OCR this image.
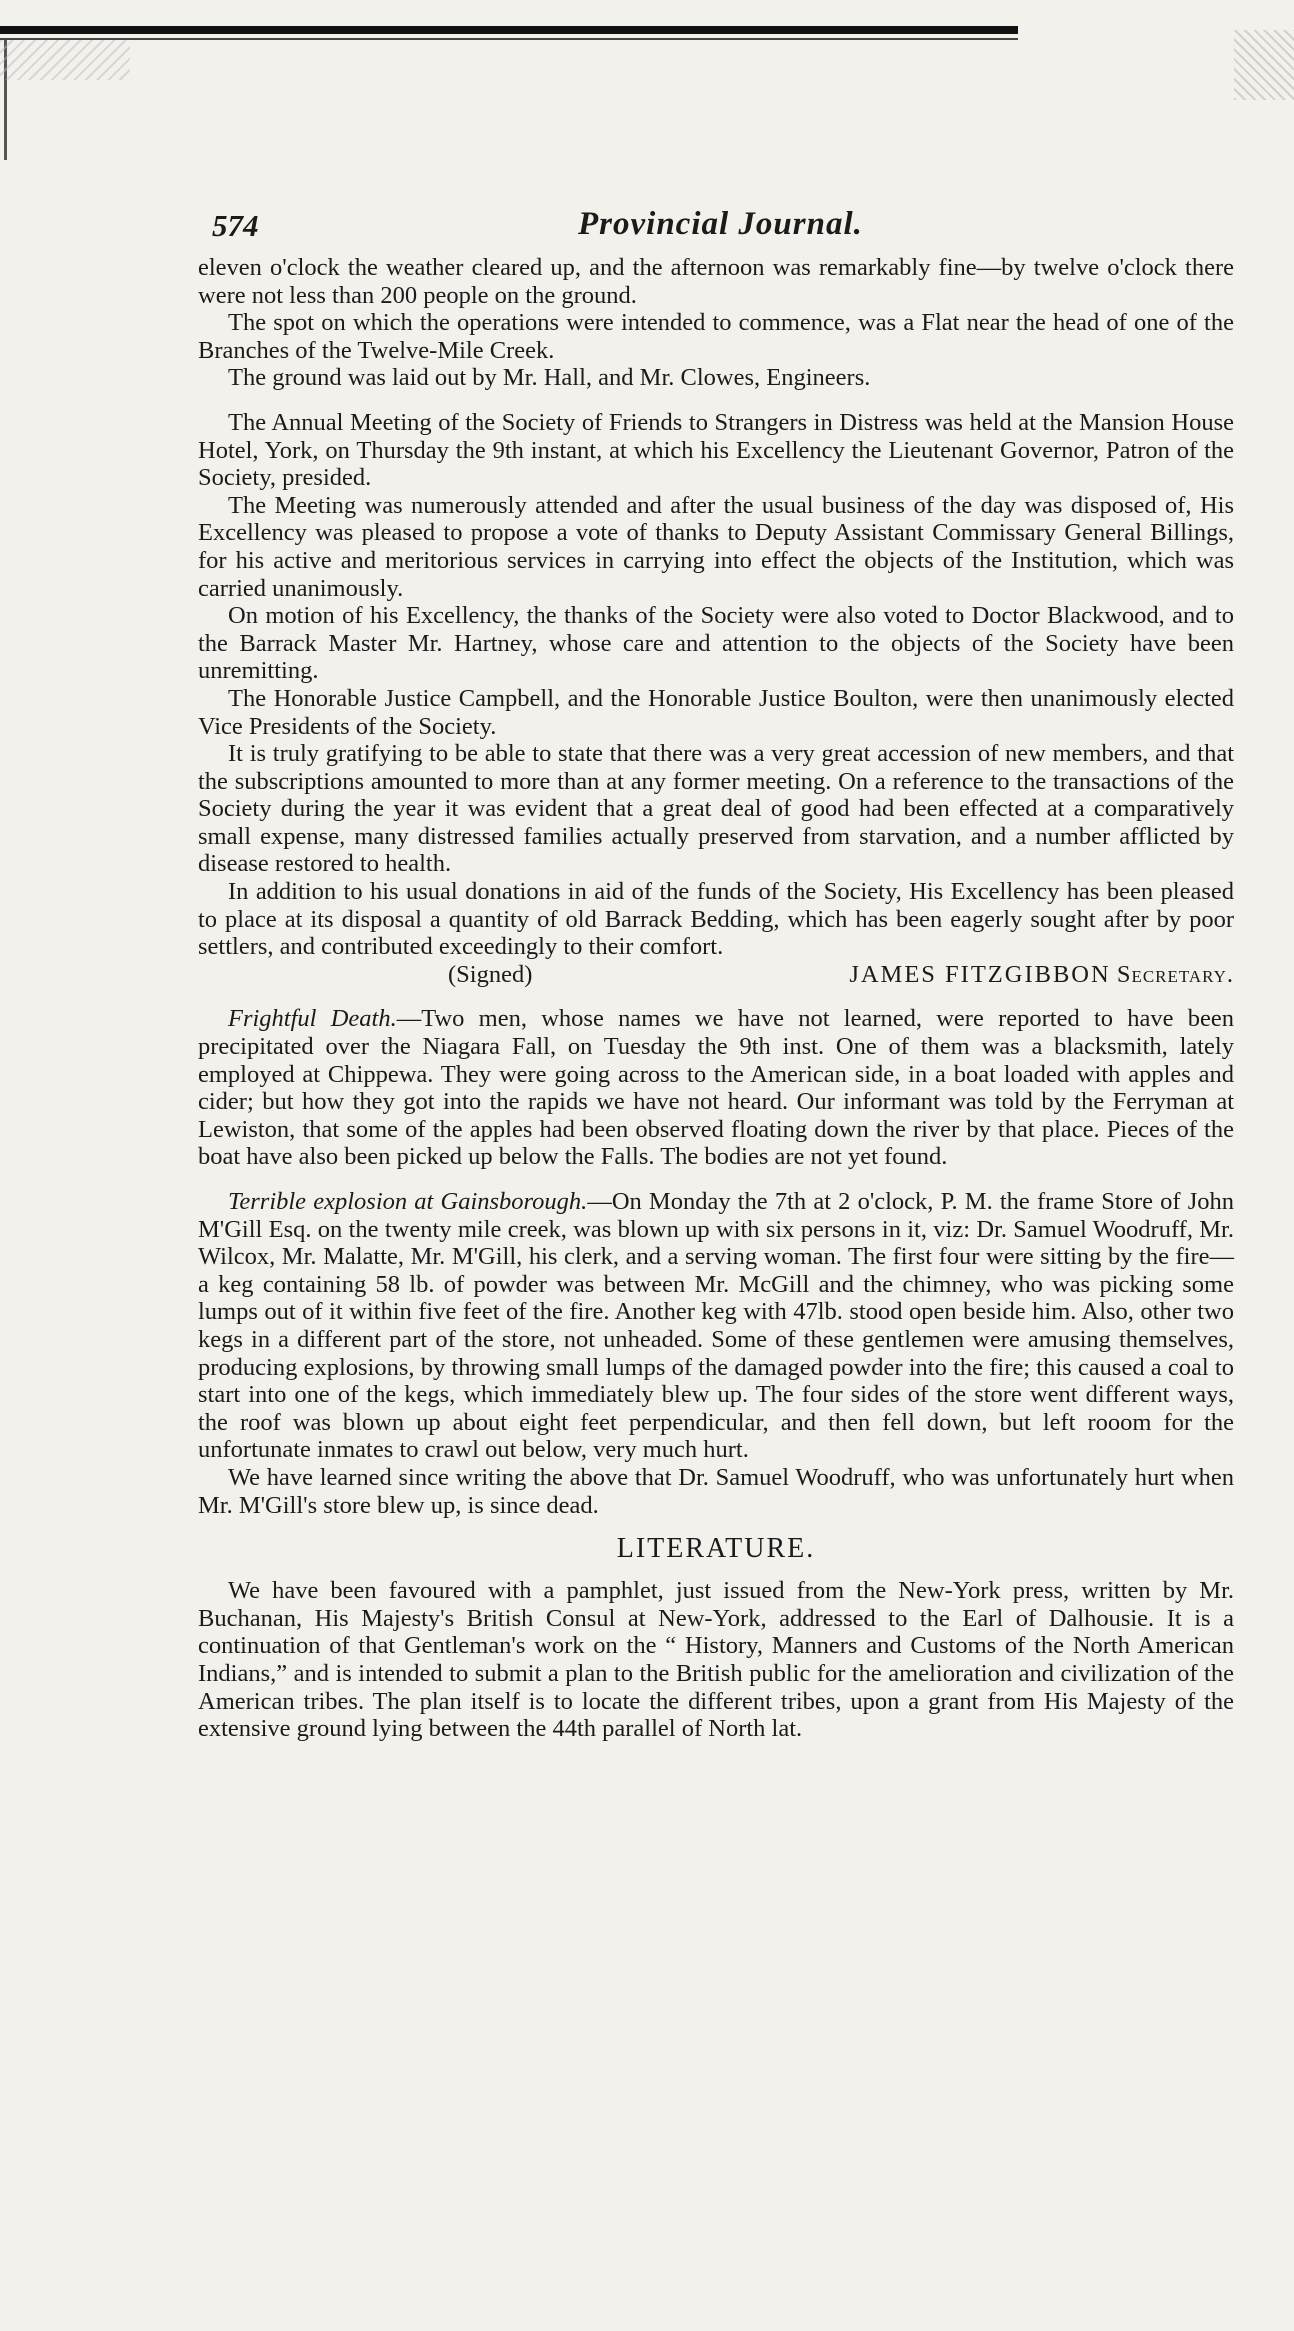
574	Provincial Journal.

eleven o'clock the weather cleared up, and the afternoon was remarkably fine—by twelve o'clock there were not less than 200 people on the ground.

The spot on which the operations were intended to commence, was a Flat near the head of one of the Branches of the Twelve-Mile Creek.

The ground was laid out by Mr. Hall, and Mr. Clowes, Engineers.

The Annual Meeting of the Society of Friends to Strangers in Distress was held at the Mansion House Hotel, York, on Thursday the 9th instant, at which his Excellency the Lieutenant Governor, Patron of the Society, presided.

The Meeting was numerously attended and after the usual business of the day was disposed of, His Excellency was pleased to propose a vote of thanks to Deputy Assistant Commissary General Billings, for his active and meritorious services in carrying into effect the objects of the Institution, which was carried unanimously.

On motion of his Excellency, the thanks of the Society were also voted to Doctor Blackwood, and to the Barrack Master Mr. Hartney, whose care and attention to the objects of the Society have been unremitting.

The Honorable Justice Campbell, and the Honorable Justice Boulton, were then unanimously elected Vice Presidents of the Society.

It is truly gratifying to be able to state that there was a very great accession of new members, and that the subscriptions amounted to more than at any former meeting. On a reference to the transactions of the Society during the year it was evident that a great deal of good had been effected at a comparatively small expense, many distressed families actually preserved from starvation, and a number afflicted by disease restored to health.

In addition to his usual donations in aid of the funds of the Society, His Excellency has been pleased to place at its disposal a quantity of old Barrack Bedding, which has been eagerly sought after by poor settlers, and contributed exceedingly to their comfort.

(Signed)	JAMES FITZGIBBON Secretary.

Frightful Death.—Two men, whose names we have not learned, were reported to have been precipitated over the Niagara Fall, on Tuesday the 9th inst. One of them was a blacksmith, lately employed at Chippewa. They were going across to the American side, in a boat loaded with apples and cider; but how they got into the rapids we have not heard. Our informant was told by the Ferryman at Lewiston, that some of the apples had been observed floating down the river by that place. Pieces of the boat have also been picked up below the Falls. The bodies are not yet found.

Terrible explosion at Gainsborough.—On Monday the 7th at 2 o'clock, P. M. the frame Store of John M'Gill Esq. on the twenty mile creek, was blown up with six persons in it, viz: Dr. Samuel Woodruff, Mr. Wilcox, Mr. Malatte, Mr. M'Gill, his clerk, and a serving woman. The first four were sitting by the fire—a keg containing 58 lb. of powder was between Mr. McGill and the chimney, who was picking some lumps out of it within five feet of the fire. Another keg with 47lb. stood open beside him. Also, other two kegs in a different part of the store, not unheaded. Some of these gentlemen were amusing themselves, producing explosions, by throwing small lumps of the damaged powder into the fire; this caused a coal to start into one of the kegs, which immediately blew up. The four sides of the store went different ways, the roof was blown up about eight feet perpendicular, and then fell down, but left rooom for the unfortunate inmates to crawl out below, very much hurt.

We have learned since writing the above that Dr. Samuel Woodruff, who was unfortunately hurt when Mr. M'Gill's store blew up, is since dead.

LITERATURE.

We have been favoured with a pamphlet, just issued from the New-York press, written by Mr. Buchanan, His Majesty's British Consul at New-York, addressed to the Earl of Dalhousie. It is a continuation of that Gentleman's work on the “ History, Manners and Customs of the North American Indians,” and is intended to submit a plan to the British public for the amelioration and civilization of the American tribes. The plan itself is to locate the different tribes, upon a grant from His Majesty of the extensive ground lying between the 44th parallel of North lat.
